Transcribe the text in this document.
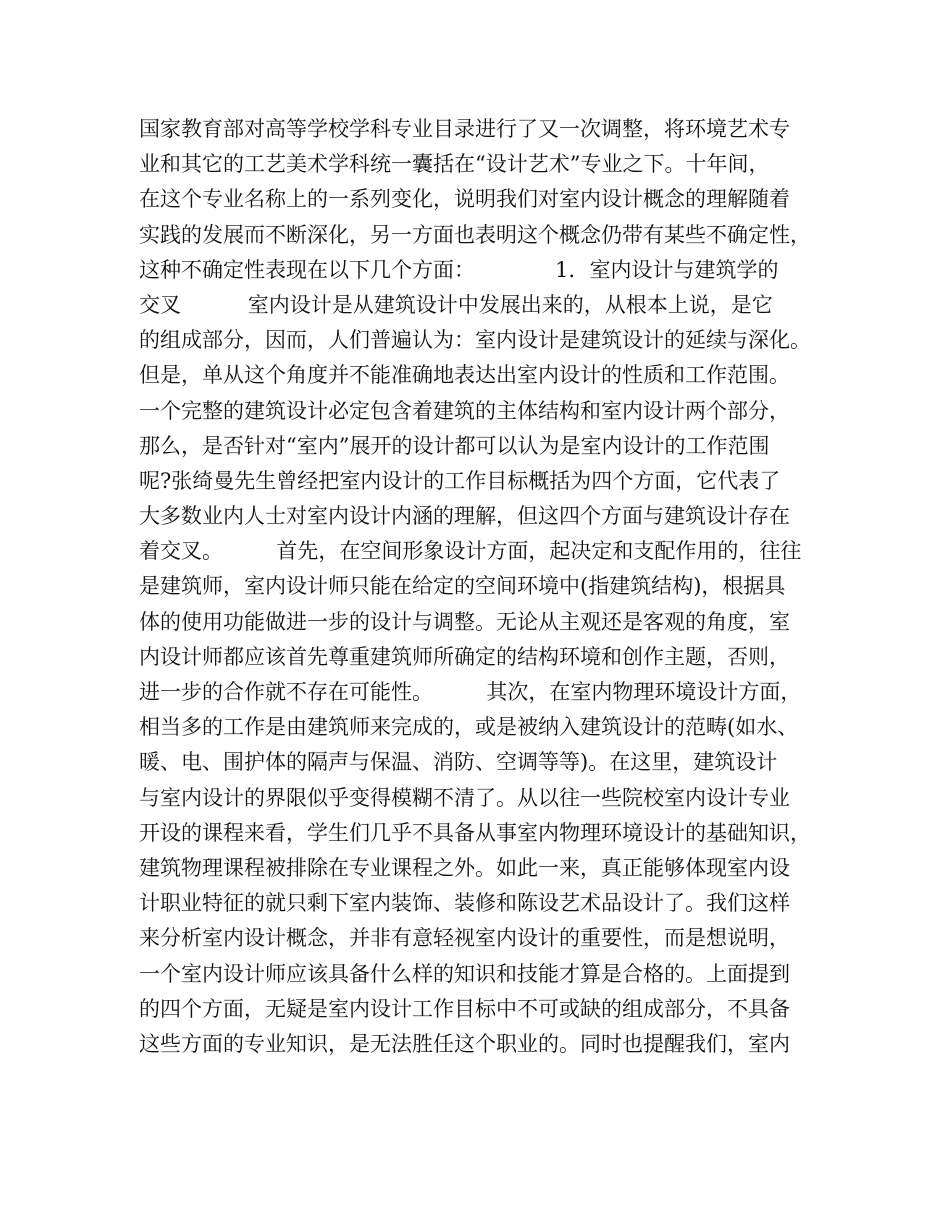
国家教育部对高等学校学科专业目录进行了又一次调整，将环境艺术专
业和其它的工艺美术学科统一囊括在“设计艺术”专业之下。十年间，
在这个专业名称上的一系列变化，说明我们对室内设计概念的理解随着
实践的发展而不断深化，另一方面也表明这个概念仍带有某些不确定性，
这种不确定性表现在以下几个方面：            1．室内设计与建筑学的
交叉          室内设计是从建筑设计中发展出来的，从根本上说，是它
的组成部分，因而，人们普遍认为：室内设计是建筑设计的延续与深化。
但是，单从这个角度并不能准确地表达出室内设计的性质和工作范围。
一个完整的建筑设计必定包含着建筑的主体结构和室内设计两个部分，
那么，是否针对“室内”展开的设计都可以认为是室内设计的工作范围
呢?张绮曼先生曾经把室内设计的工作目标概括为四个方面，它代表了
大多数业内人士对室内设计内涵的理解，但这四个方面与建筑设计存在
着交叉。        首先，在空间形象设计方面，起决定和支配作用的，往往
是建筑师，室内设计师只能在给定的空间环境中(指建筑结构)，根据具
体的使用功能做进一步的设计与调整。无论从主观还是客观的角度，室
内设计师都应该首先尊重建筑师所确定的结构环境和创作主题，否则，
进一步的合作就不存在可能性。        其次，在室内物理环境设计方面，
相当多的工作是由建筑师来完成的，或是被纳入建筑设计的范畴(如水、
暖、电、围护体的隔声与保温、消防、空调等等)。在这里，建筑设计
与室内设计的界限似乎变得模糊不清了。从以往一些院校室内设计专业
开设的课程来看，学生们几乎不具备从事室内物理环境设计的基础知识，
建筑物理课程被排除在专业课程之外。如此一来，真正能够体现室内设
计职业特征的就只剩下室内装饰、装修和陈设艺术品设计了。我们这样
来分析室内设计概念，并非有意轻视室内设计的重要性，而是想说明，
一个室内设计师应该具备什么样的知识和技能才算是合格的。上面提到
的四个方面，无疑是室内设计工作目标中不可或缺的组成部分，不具备
这些方面的专业知识，是无法胜任这个职业的。同时也提醒我们，室内
